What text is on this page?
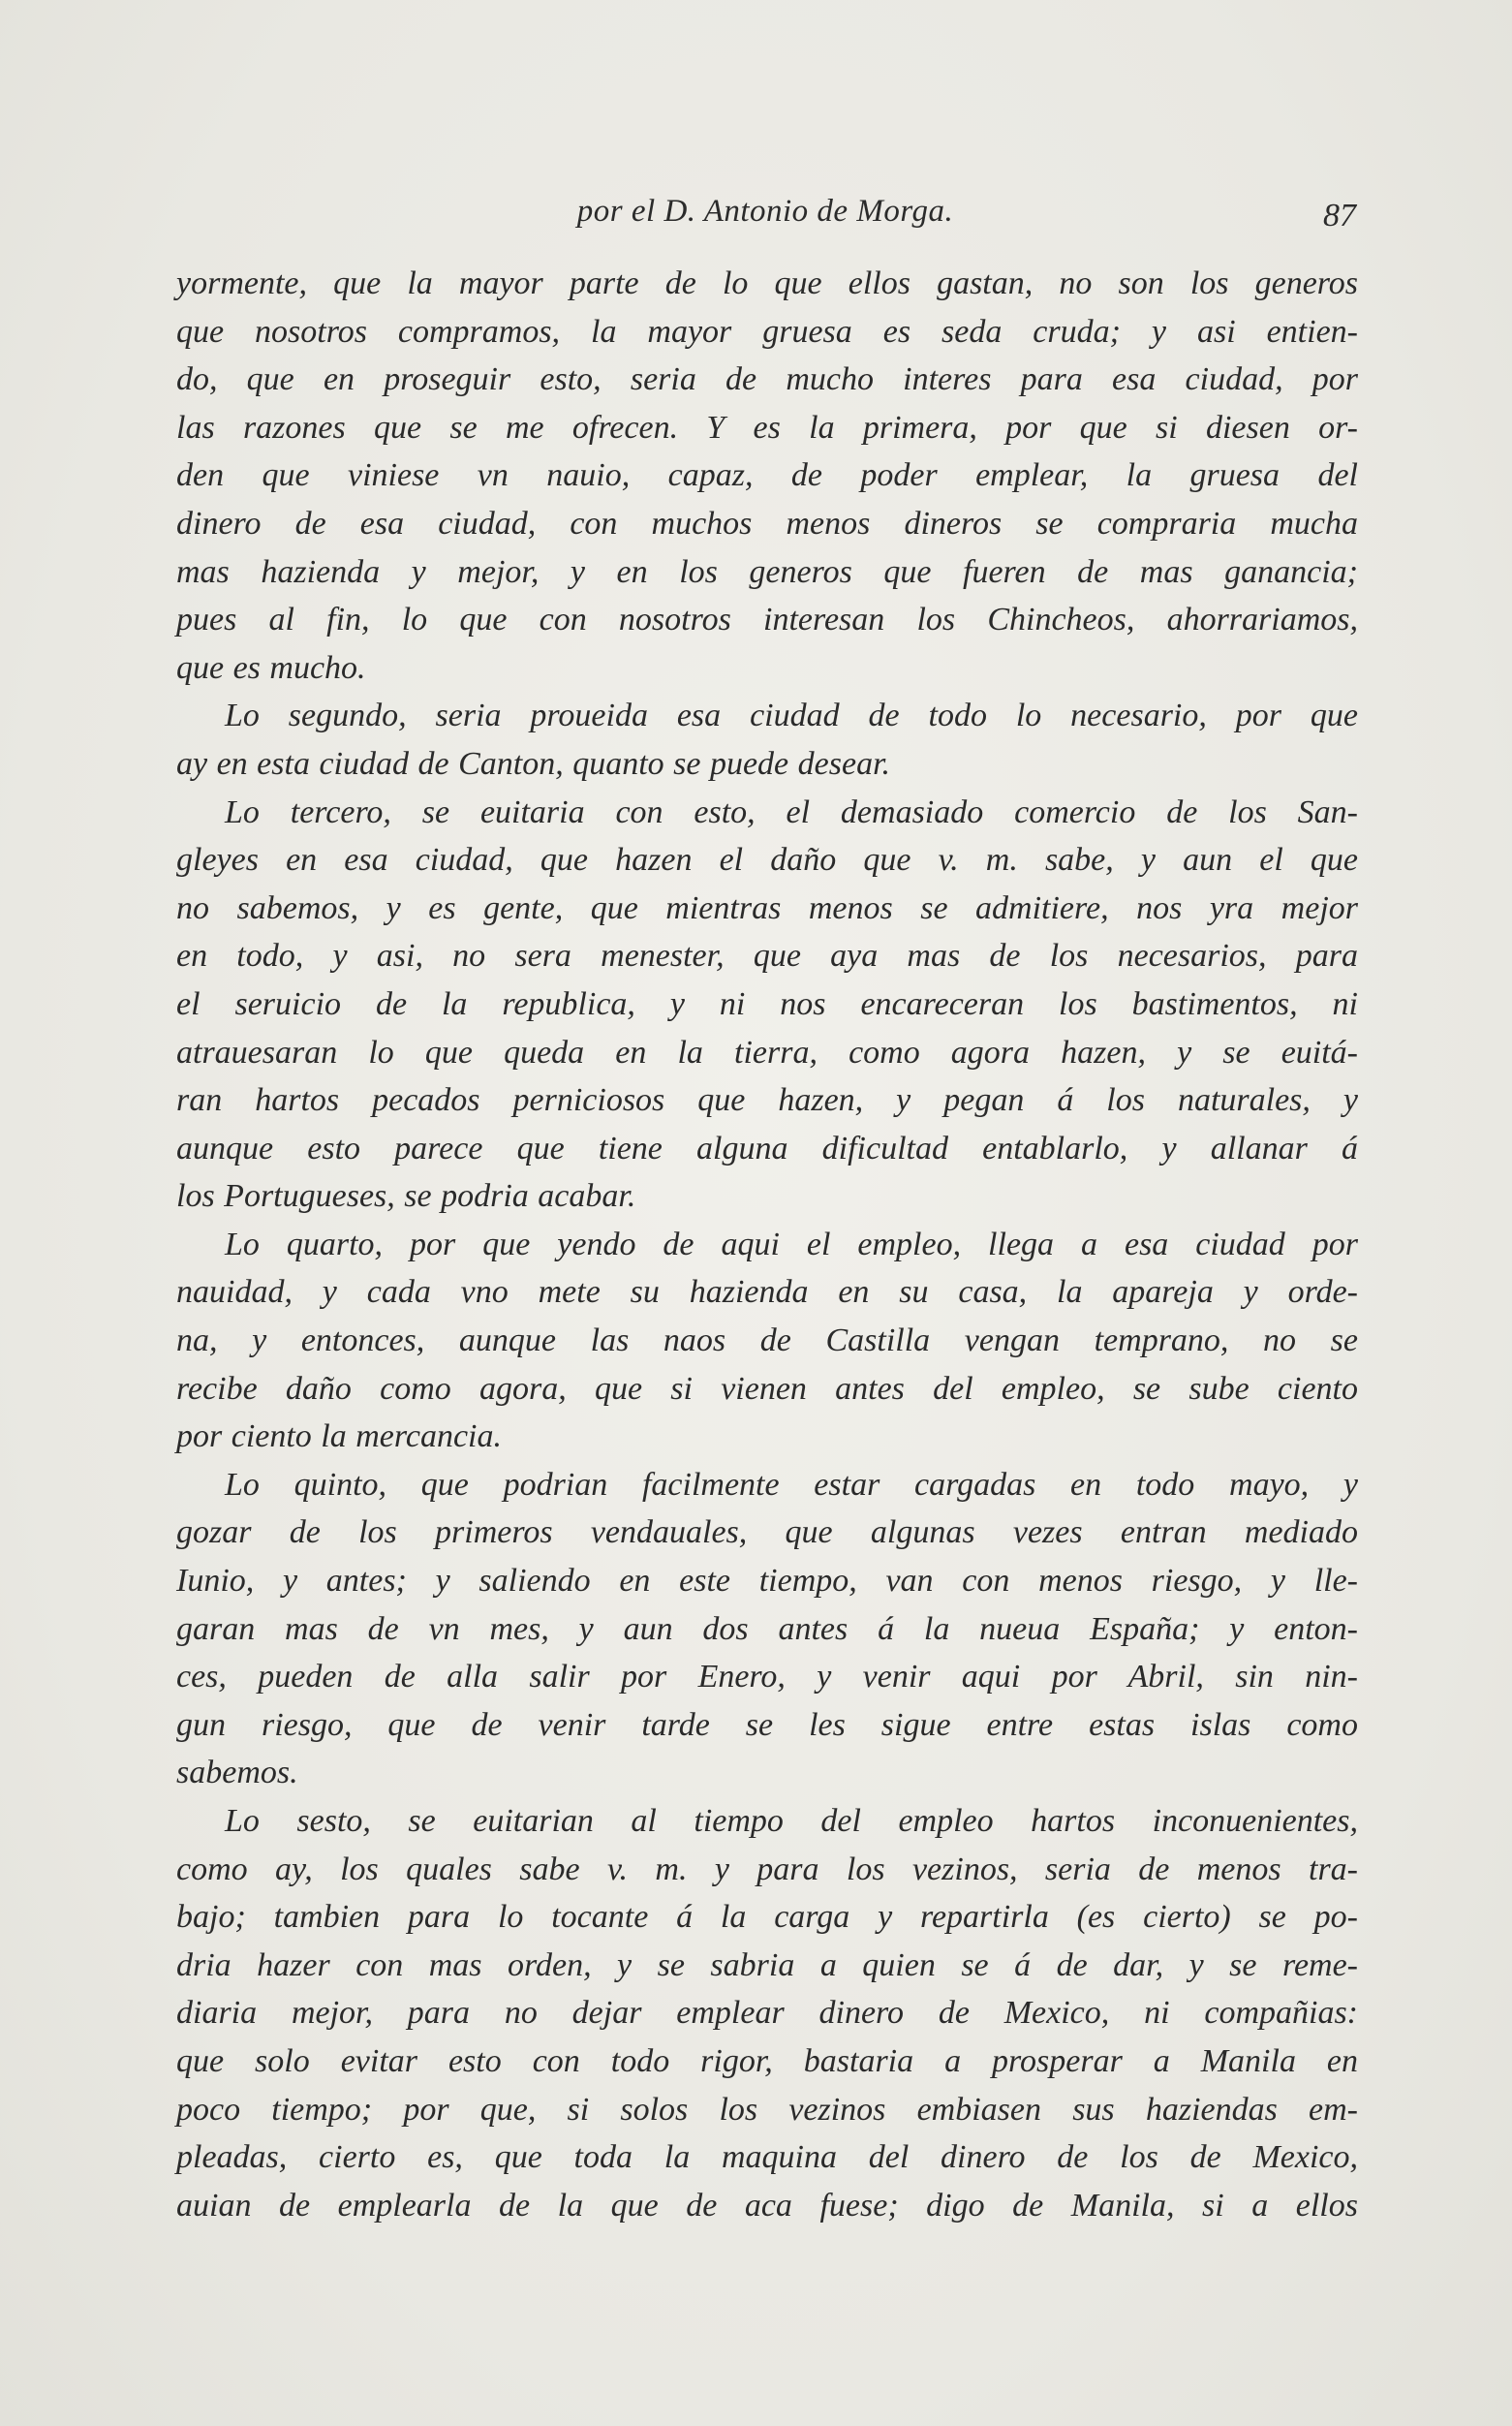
por el D. Antonio de Morga.	87
yormente, que la mayor parte de lo que ellos gastan, no son los generos
que nosotros compramos, la mayor gruesa es seda cruda; y asi entien-
do, que en proseguir esto, seria de mucho interes para esa ciudad, por
las razones que se me ofrecen. Y es la primera, por que si diesen or-
den que viniese vn nauio, capaz, de poder emplear, la gruesa del
dinero de esa ciudad, con muchos menos dineros se compraria mucha
mas hazienda y mejor, y en los generos que fueren de mas ganancia;
pues al fin, lo que con nosotros interesan los Chincheos, ahorrariamos,
que es mucho.
Lo segundo, seria proueida esa ciudad de todo lo necesario, por que
ay en esta ciudad de Canton, quanto se puede desear.
Lo tercero, se euitaria con esto, el demasiado comercio de los San-
gleyes en esa ciudad, que hazen el daño que v. m. sabe, y aun el que
no sabemos, y es gente, que mientras menos se admitiere, nos yra mejor
en todo, y asi, no sera menester, que aya mas de los necesarios, para
el seruicio de la republica, y ni nos encareceran los bastimentos, ni
atrauesaran lo que queda en la tierra, como agora hazen, y se euitá-
ran hartos pecados perniciosos que hazen, y pegan á los naturales, y
aunque esto parece que tiene alguna dificultad entablarlo, y allanar á
los Portugueses, se podria acabar.
Lo quarto, por que yendo de aqui el empleo, llega a esa ciudad por
nauidad, y cada vno mete su hazienda en su casa, la apareja y orde-
na, y entonces, aunque las naos de Castilla vengan temprano, no se
recibe daño como agora, que si vienen antes del empleo, se sube ciento
por ciento la mercancia.
Lo quinto, que podrian facilmente estar cargadas en todo mayo, y
gozar de los primeros vendauales, que algunas vezes entran mediado
Iunio, y antes; y saliendo en este tiempo, van con menos riesgo, y lle-
garan mas de vn mes, y aun dos antes á la nueua España; y enton-
ces, pueden de alla salir por Enero, y venir aqui por Abril, sin nin-
gun riesgo, que de venir tarde se les sigue entre estas islas como
sabemos.
Lo sesto, se euitarian al tiempo del empleo hartos inconuenientes,
como ay, los quales sabe v. m. y para los vezinos, seria de menos tra-
bajo; tambien para lo tocante á la carga y repartirla (es cierto) se po-
dria hazer con mas orden, y se sabria a quien se á de dar, y se reme-
diaria mejor, para no dejar emplear dinero de Mexico, ni compañias:
que solo evitar esto con todo rigor, bastaria a prosperar a Manila en
poco tiempo; por que, si solos los vezinos embiasen sus haziendas em-
pleadas, cierto es, que toda la maquina del dinero de los de Mexico,
auian de emplearla de la que de aca fuese; digo de Manila, si a ellos
